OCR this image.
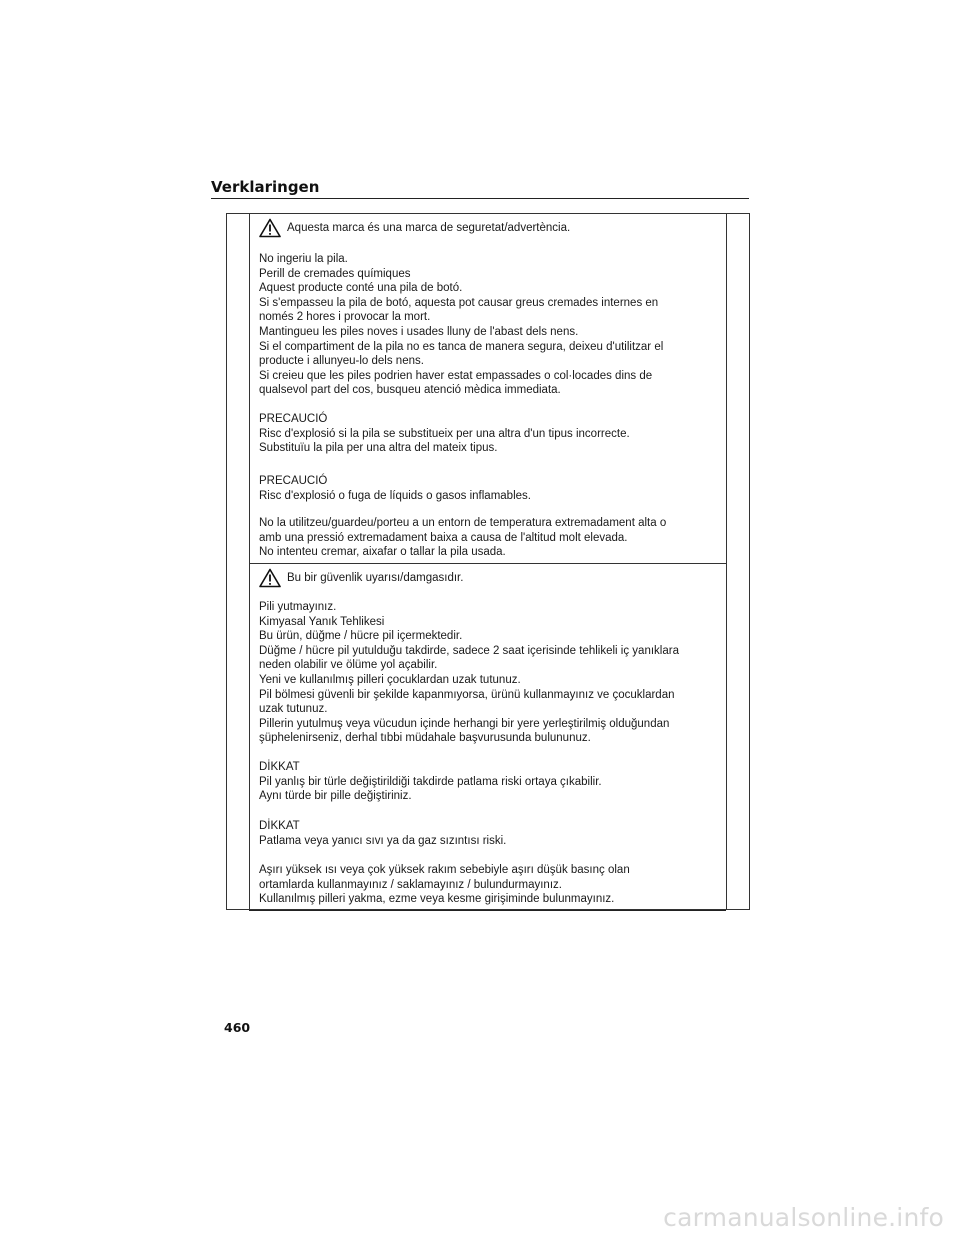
Verklaringen
Aquesta marca és una marca de seguretat/advertència.
No ingeriu la pila.
Perill de cremades químiques
Aquest producte conté una pila de botó.
Si s'empasseu la pila de botó, aquesta pot causar greus cremades internes en
només 2 hores i provocar la mort.
Mantingueu les piles noves i usades lluny de l'abast dels nens.
Si el compartiment de la pila no es tanca de manera segura, deixeu d'utilitzar el
producte i allunyeu-lo dels nens.
Si creieu que les piles podrien haver estat empassades o col·locades dins de
qualsevol part del cos, busqueu atenció mèdica immediata.
PRECAUCIÓ
Risc d'explosió si la pila se substitueix per una altra d'un tipus incorrecte.
Substituïu la pila per una altra del mateix tipus.
PRECAUCIÓ
Risc d'explosió o fuga de líquids o gasos inflamables.
No la utilitzeu/guardeu/porteu a un entorn de temperatura extremadament alta o
amb una pressió extremadament baixa a causa de l'altitud molt elevada.
No intenteu cremar, aixafar o tallar la pila usada.
Bu bir güvenlik uyarısı/damgasıdır.
Pili yutmayınız.
Kimyasal Yanık Tehlikesi
Bu ürün, düğme / hücre pil içermektedir.
Düğme / hücre pil yutulduğu takdirde, sadece 2 saat içerisinde tehlikeli iç yanıklara
neden olabilir ve ölüme yol açabilir.
Yeni ve kullanılmış pilleri çocuklardan uzak tutunuz.
Pil bölmesi güvenli bir şekilde kapanmıyorsa, ürünü kullanmayınız ve çocuklardan
uzak tutunuz.
Pillerin yutulmuş veya vücudun içinde herhangi bir yere yerleştirilmiş olduğundan
şüphelenirseniz, derhal tıbbi müdahale başvurusunda bulununuz.
DİKKAT
Pil yanlış bir türle değiştirildiği takdirde patlama riski ortaya çıkabilir.
Aynı türde bir pille değiştiriniz.
DİKKAT
Patlama veya yanıcı sıvı ya da gaz sızıntısı riski.
Aşırı yüksek ısı veya çok yüksek rakım sebebiyle aşırı düşük basınç olan
ortamlarda kullanmayınız / saklamayınız / bulundurmayınız.
Kullanılmış pilleri yakma, ezme veya kesme girişiminde bulunmayınız.
460
carmanualsonline.info
